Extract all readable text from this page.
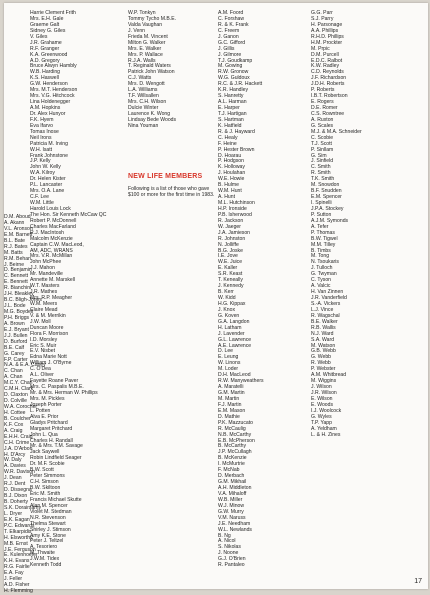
Harrie Clement Frith
Mrs. E.H. Gale
Graeme Galt
Sidney G. Giles
V. Giles
J.R. Grahame
R.F. Granger
K.A. Greenwood
A.D. Gregory
Bruce Alwyn Hambly
W.B. Harding
K.S. Haswell
G.W. Henderson
Mrs. M.T. Henderson
Mrs. V.G. Hitchcock
Lina Holdenegger
A.M. Hopkins
Dr. Alex Hunyor
F.K. Hyem
Eva Ifarvo
Tomas Inose
Neil Irons
Patricia M. Irving
W.H. Isatt
Frank Johnstone
J.P. Kelly
John W. Kelly
W.A. Kilroy
Dr. Helen Kister
P.L. Lancaster
Mrs. O.A. Lane
C.F. Lee
W.M. Little
Harold Louis Lock
The Hon. Sir Kenneth McCaw QC
Robert P. McDonnell
Charles MacFarland
R.J. MacIntosh
Malcolm McKenzie
Captain C.W. MacLeod,
AM, ADC, WRANS
Mrs. V.R. McMillan
John McPhee
J.J. Mahon
Mr. Mandeville
Annette M. Marskell
W.T. Masters
J.R. Mathes
Mrs. R.P. Meagher
W.M. Meers
Claire Mead
V. & M. Merrikin
J.W. Moll
Duncan Moore
Flora F. Morrison
I.D. Morsley
Eric S. Muir
E.V. Nisbet
Edna Marie Nott
William J. O'Byrne
C. O'Dea
A.L. Oliver
Fayette Roane Paver
Mrs. C. Paspalis M.B.E.
Mr. & Mrs. Herman W. Phillips
Mrs. M. Pickles
Joseph Porter
L. Potten
Alva E. Prior
Gladys Pritchard
Margaret Pritchard
John L. Qua
Charles H. Randall
Mr. & Mrs. T.M. Savage
Jack Saywell
Robin Lindfield Seager
Dr. M.F. Scobie
B.W. Scott
Peter Simmons
C.H. Simson
B.W. Skiltoon
Eric M. Smith
Francis Michael Skutte
Alan M. Spencer
Violet M. Stedman
N.R. Stevenson
Thelma Stewart
Shirley J. Stimson
Amy K.E. Stone
Peter J. Teltzel
A. Tesoriero
M. Thwaite
J.W.M. Tidex
Kenneth Todd
W.P. Tonkyn
Tommy Tycho M.B.E.
Valda Vaughan
J. Venn
Frieda M. Vincent
Milton G. Walker
Mrs. E. Walker
Mrs. P. Wallace
R.J.A. Walls
T. Reginald Waters
Patrick John Watson
C.J. Watts
Mrs. D. Wengott
L.A. Williams
T.F. Willsallen
Mrs. C.H. Wilson
Dulcie Winter
Laurence K. Wong
Lindsay Bede Woods
Nina Youman
NEW LIFE MEMBERS
Following is a list of those who gave $100 or more for the first time in 1983.
D.M. Aboud
A. Akann
V.L. Aronson
E.M. Barnett
B.L. Bate
R.J. Bates
M. Batts
R.M. Behan
J. Beirne
D. Benjamin
C. Bennett
E. Bennett
R. Bianchini
J.H. Bleakley
B.C. Bligh-Jones
J.L. Bode
M.G. Boydell
P.H. Briggs
A. Brown
E.J. Bryant
J.J. Bullen
D. Burford
B.E. Calf
G. Carey
F.P. Carter
N.A. & E.A. Casey
C. Chan
A. Chan
M.C.Y. Chan
C.M.H. Clark
D. Claxton
D. Colville
W.A. Corocher
H. Cottee
B. Coulcher
K.F. Cox
A. Craig
E.H.H. Craig
C.H. Crime
J.A. D'Arbon
H. D'Arcy
W. Daly
A. Davies
W.R. Davison
J. Dean
R.J. Dent
D. Dissegna
B.J. Dixon
B. Doherty
S.K. Dorairsamy
L. Dryer
E.K. Eagan
P.C. Edwards
T. Elkarpidis
H. Elsworthy
M.B. Ernst
J.E. Ferguson
E. Kulenhoefer
K.H. Evans
R.G. Fairlie
E.A. Fay
J. Feller
A.D. Fisher
H. Flemming
A.M. Foord
C. Forshaw
R. & K. Frank
C. Freem
J. Ganon
G.C. Gifford
J. Gillis
J. Gilmore
T.J. Goudkamp
M. Gowing
R.W. Gronow
W.G. Guldoux
R.C. & J.R. Hackett
K.R. Handley
S. Hanretty
A.L. Harman
E. Harper
T.J. Hartigan
S. Hartman
K. Hatfield
R. & J. Hayward
C. Healy
F. Heine
P. Hester Brown
D. Hoarau
P. Hodgson
K. Holloway
J. Houlahan
W.E. Howie
B. Hulme
W.M. Hunt
A. Hunt
M.L. Hutchinson
H.P. Ironside
P.B. Isherwood
R. Jackson
W. Jaeger
J.A. Jamieson
R. Johnston
N. Jolliffe
B.G. Joske
I.E. Jove
W.E. Juice
E. Kaller
S.R. Keast
T. Keneally
J. Kennedy
B. Kerr
W. Kidd
H.G. Kippax
J. Knox
G. Koven
G.A. Langdon
H. Latham
J. Lavender
G.L. Lawrence
A.E. Lawrence
D. Lee
E. Leung
W. Linons
M. Loder
D.H. MacLeod
R.W. Manyweathers
A. Maratelli
G.M. Martin
M. Martin
F.J. Martin
E.M. Mason
D. Mathie
P.K. Mazzucato
R. McCaulig
N.B. McCarthy
E.B. McPherson
B. McCarthy
J.P. McCullagh
B. McKenzie
I. McMurtrie
F. McNab
D. Merbach
G.M. Mikhail
A.H. Middleton
V.A. Mihaloff
W.B. Miller
W.J. Minow
G.W. Murry
V.M. Naruss
J.E. Needham
W.L. Newlands
B. Ng
A. Nicol
S. Nikolas
J. Noone
G.J. O'Brien
R. Pantaleo
G.G. Parr
S.J. Parry
H. Parsonage
A.A. Phillips
R.H.D. Phillips
H.M. Prockter
M. Prpic
D.M. Purcell
E.D.C. Ralbot
K.W. Radley
C.D. Reynolds
J.F. Richardson
J.D.H. Roberts
P. Roberts
I.B.T. Robertson
E. Rogers
D.E. Romer
C.S. Rowntree
A. Ruxton
G. Scales
M.J. & M.A. Schneider
C. Scobie
T.J. Scott
P. Sinllam
G. Sim
J. Sinfield
C. Smith
R. Smith
T.K. Smith
M. Snowdon
B.F. Snudden
E.M. Spencer
I. Spinelli
J.P.A. Stockey
P. Sutton
A.J.M. Symonds
A. Tefer
P. Thomas
B.W. Tigwel
M.M. Tilley
B. Timbs
M. Tong
N. Tsoukaris
J. Tulloch
G. Twyman
C. Tyson
A. Valcic
H. Van Zinnen
J.R. Vanderfield
S.-A. Vickers
L.J. Vince
R. Wagschal
B.E. Walker
R.B. Wallis
N.J. Ward
S.A. Ward
M. Watson
G.B. Webb
G. Webb
R. Webb
P. Webster
A.M. Whitbread
M. Wiggins
J. Wilson
J.R. Wilson
E. Wilson
E. Woods
I.J. Woolcock
G. Wyles
T.P. Yapp
A. Yeldham
L. & H. Zines
17
